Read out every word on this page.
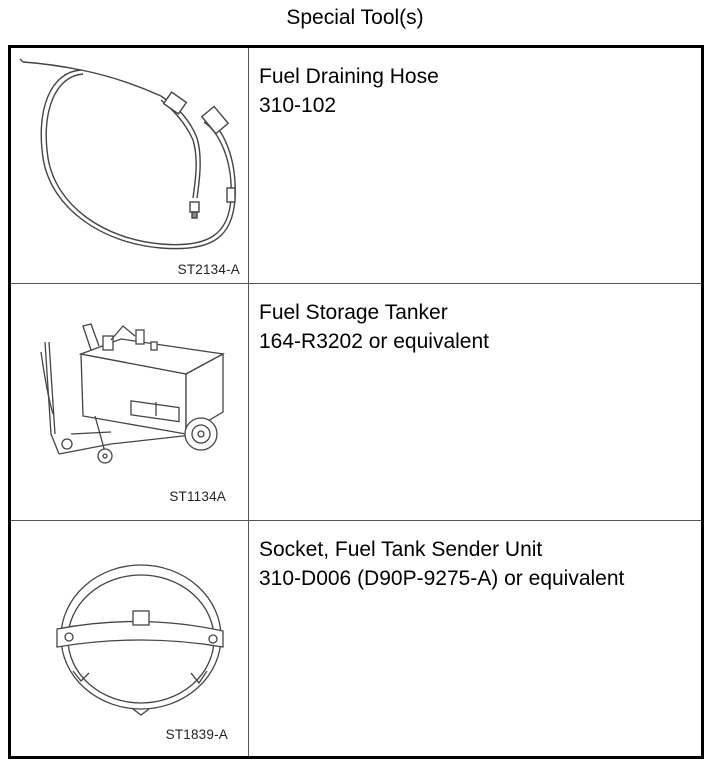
Special Tool(s)
ST2134-A
Fuel Draining Hose
310-102
ST1134A
Fuel Storage Tanker
164-R3202 or equivalent
ST1839-A
Socket, Fuel Tank Sender Unit
310-D006 (D90P-9275-A) or equivalent
